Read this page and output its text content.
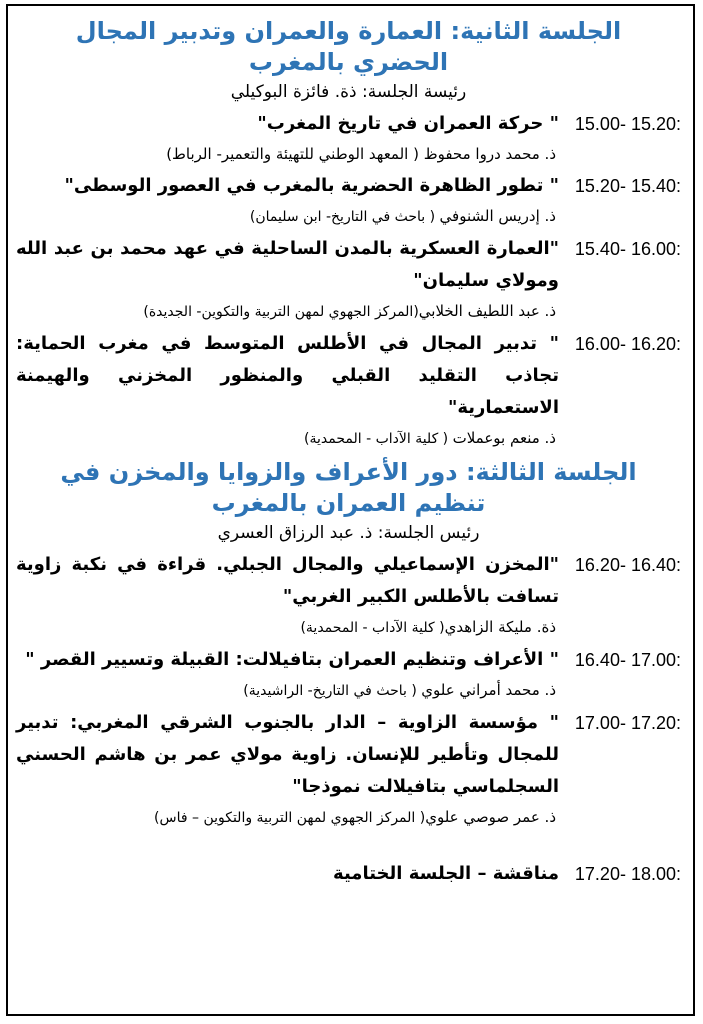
الجلسة الثانية: العمارة والعمران وتدبير المجال
الحضري بالمغرب
رئيسة الجلسة: ذة. فائزة البوكيلي
15.00- 15.20:
" حركة العمران في تاريخ المغرب"
ذ. محمد دروا محفوظ ( المعهد الوطني للتهيئة والتعمير- الرباط)
15.20- 15.40:
" تطور الظاهرة الحضرية بالمغرب في العصور الوسطى"
ذ. إدريس الشنوفي ( باحث في التاريخ- ابن سليمان)
15.40- 16.00:
"العمارة العسكرية بالمدن الساحلية في عهد محمد بن عبد الله ومولاي سليمان"
ذ. عبد اللطيف الخلابي(المركز الجهوي لمهن التربية والتكوين- الجديدة)
16.00- 16.20:
" تدبير المجال في الأطلس المتوسط في مغرب الحماية: تجاذب التقليد القبلي والمنظور المخزني والهيمنة الاستعمارية"
ذ. منعم بوعملات ( كلية الآداب - المحمدية)
الجلسة الثالثة: دور الأعراف والزوايا والمخزن في
تنظيم العمران بالمغرب
رئيس الجلسة: ذ. عبد الرزاق العسري
16.20- 16.40:
"المخزن الإسماعيلي والمجال الجبلي. قراءة في نكبة زاوية تسافت بالأطلس الكبير الغربي"
ذة. مليكة الزاهدي( كلية الآداب - المحمدية)
16.40- 17.00:
" الأعراف وتنظيم العمران بتافيلالت: القبيلة وتسيير القصر "
ذ. محمد أمراني علوي ( باحث في التاريخ- الراشيدية)
17.00- 17.20:
" مؤسسة الزاوية – الدار بالجنوب الشرقي المغربي: تدبير للمجال وتأطير للإنسان. زاوية مولاي عمر بن هاشم الحسني السجلماسي بتافيلالت نموذجا"
ذ. عمر صوصي علوي( المركز الجهوي لمهن التربية والتكوين – فاس)
17.20- 18.00:
مناقشة – الجلسة الختامية
